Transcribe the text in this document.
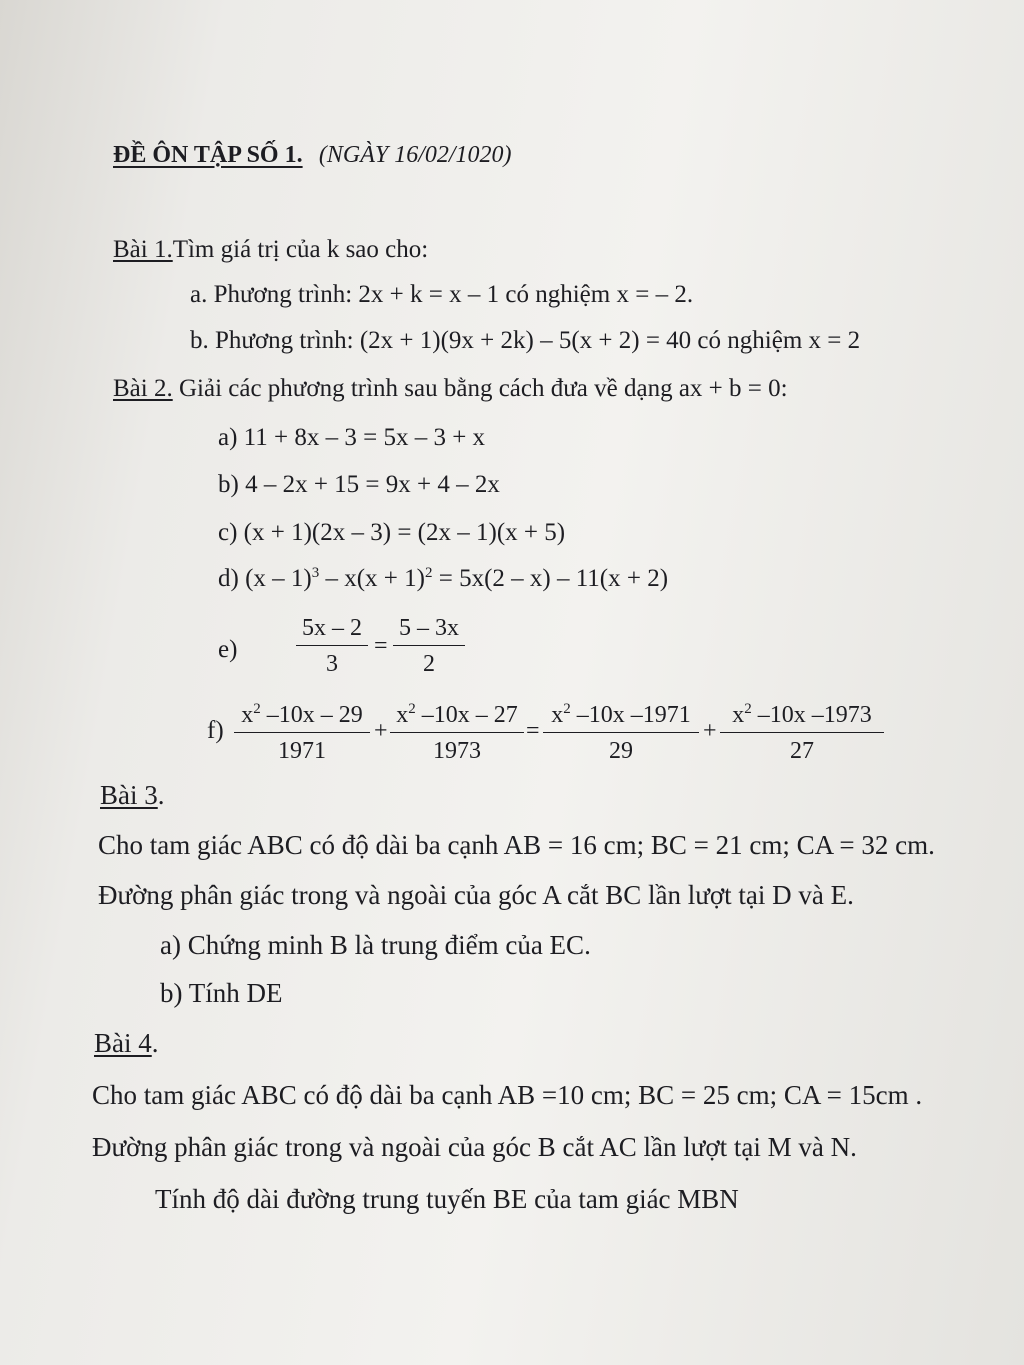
ĐỀ ÔN TẬP SỐ 1. (NGÀY 16/02/1020)
Bài 1.Tìm giá trị của k sao cho:
a. Phương trình: 2x + k = x – 1 có nghiệm x = – 2.
b. Phương trình: (2x + 1)(9x + 2k) – 5(x + 2) = 40 có nghiệm x = 2
Bài 2. Giải các phương trình sau bằng cách đưa về dạng ax + b = 0:
a) 11 + 8x – 3 = 5x – 3 + x
b) 4 – 2x + 15 = 9x + 4 – 2x
c) (x + 1)(2x – 3) = (2x – 1)(x + 5)
d) $(x - 1)^3 - x(x + 1)^2 = 5x(2 - x) - 11(x + 2)$
$e) \frac{5x - 2}{3} = \frac{5 - 3x}{2}$
$f) \frac{x^2 -10x - 29}{1971} + \frac{x^2 -10x - 27}{1973} = \frac{x^2 -10x -1971}{29} + \frac{x^2 -10x -1973}{27}$
Bài 3.
Cho tam giác ABC có độ dài ba cạnh AB = 16 cm; BC = 21 cm; CA = 32 cm.
Đường phân giác trong và ngoài của góc A cắt BC lần lượt tại D và E.
a) Chứng minh B là trung điểm của EC.
b) Tính DE
Bài 4.
Cho tam giác ABC có độ dài ba cạnh AB =10 cm; BC = 25 cm; CA = 15cm .
Đường phân giác trong và ngoài của góc B cắt AC lần lượt tại M và N.
Tính độ dài đường trung tuyến BE của tam giác MBN
